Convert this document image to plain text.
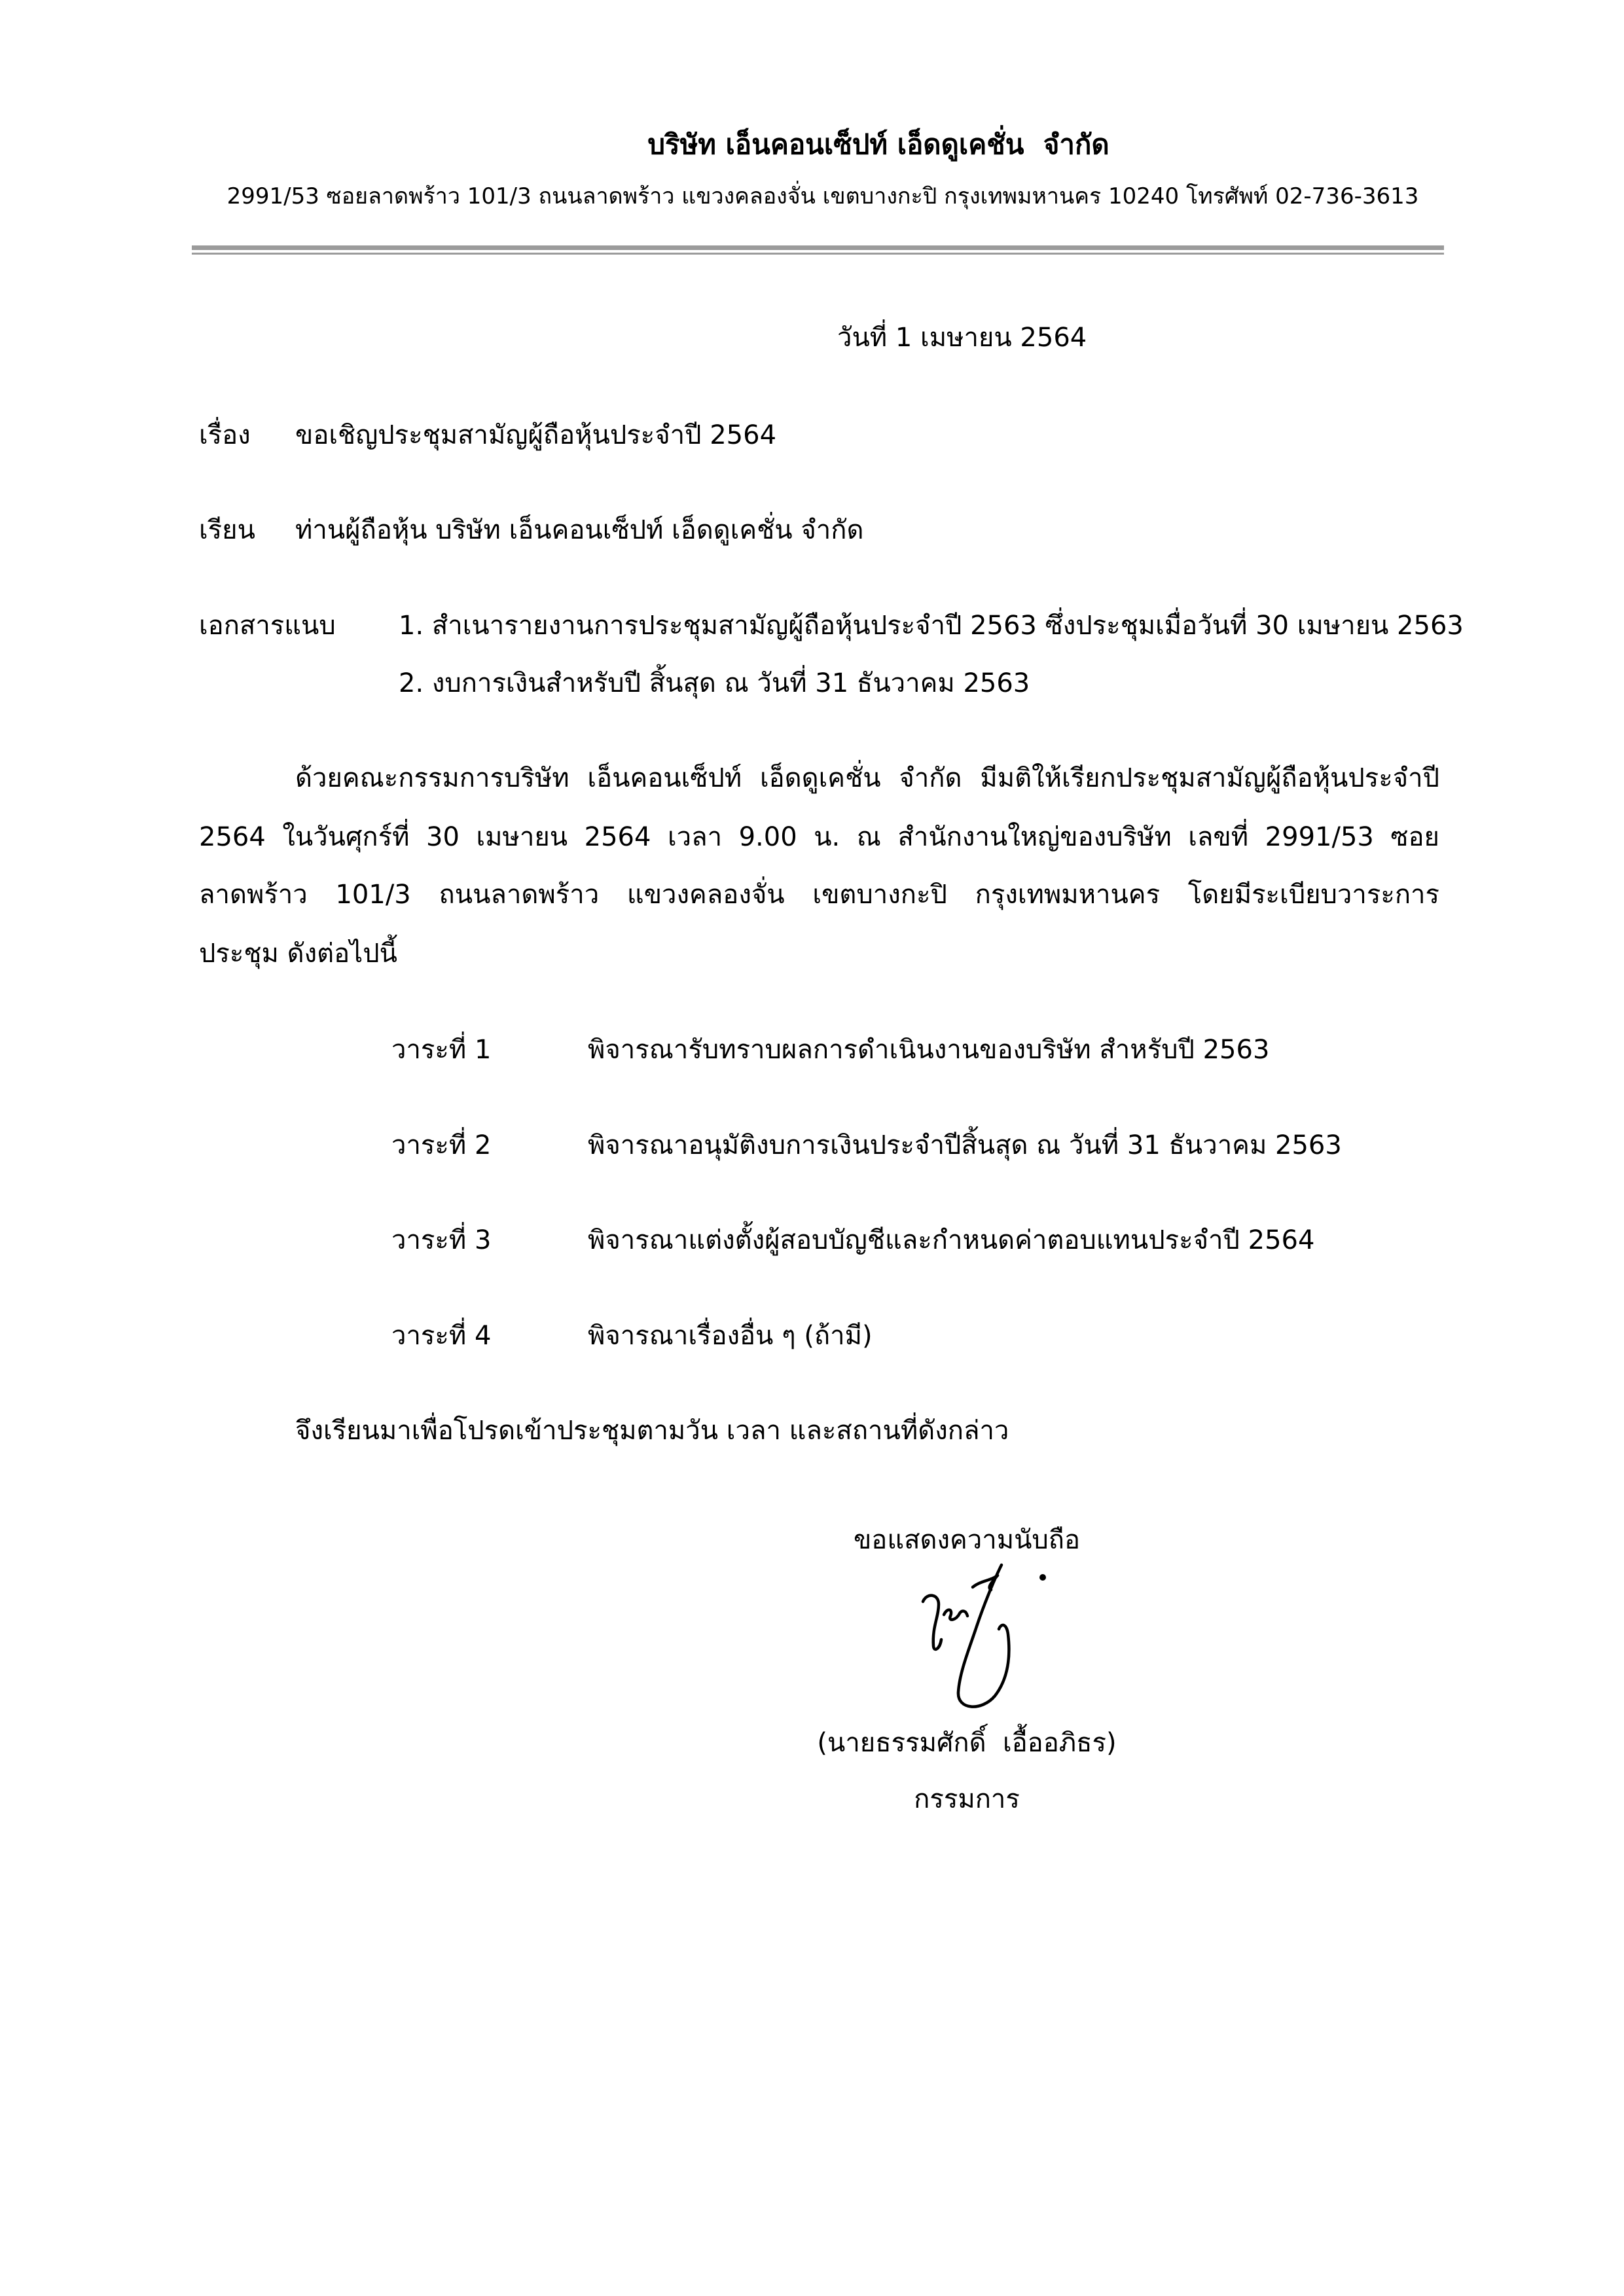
บริษัท เอ็นคอนเซ็ปท์ เอ็ดดูเคชั่น  จำกัด
2991/53 ซอยลาดพร้าว 101/3 ถนนลาดพร้าว แขวงคลองจั่น เขตบางกะปิ กรุงเทพมหานคร 10240 โทรศัพท์ 02-736-3613
วันที่ 1 เมษายน 2564
เรื่อง ขอเชิญประชุมสามัญผู้ถือหุ้นประจำปี 2564
เรียน ท่านผู้ถือหุ้น บริษัท เอ็นคอนเซ็ปท์ เอ็ดดูเคชั่น จำกัด
เอกสารแนบ 1. สำเนารายงานการประชุมสามัญผู้ถือหุ้นประจำปี 2563 ซึ่งประชุมเมื่อวันที่ 30 เมษายน 2563
2. งบการเงินสำหรับปี สิ้นสุด ณ วันที่ 31 ธันวาคม 2563
ด้วยคณะกรรมการบริษัท เอ็นคอนเซ็ปท์ เอ็ดดูเคชั่น จำกัด มีมติให้เรียกประชุมสามัญผู้ถือหุ้นประจำปี
2564 ในวันศุกร์ที่ 30 เมษายน 2564 เวลา 9.00 น. ณ สำนักงานใหญ่ของบริษัท เลขที่ 2991/53 ซอย
ลาดพร้าว 101/3 ถนนลาดพร้าว แขวงคลองจั่น เขตบางกะปิ กรุงเทพมหานคร โดยมีระเบียบวาระการ
ประชุม ดังต่อไปนี้
วาระที่ 1	พิจารณารับทราบผลการดำเนินงานของบริษัท สำหรับปี 2563
วาระที่ 2	พิจารณาอนุมัติงบการเงินประจำปีสิ้นสุด ณ วันที่ 31 ธันวาคม 2563
วาระที่ 3	พิจารณาแต่งตั้งผู้สอบบัญชีและกำหนดค่าตอบแทนประจำปี 2564
วาระที่ 4	พิจารณาเรื่องอื่น ๆ (ถ้ามี)
จึงเรียนมาเพื่อโปรดเข้าประชุมตามวัน เวลา และสถานที่ดังกล่าว
ขอแสดงความนับถือ
(นายธรรมศักดิ์  เอื้ออภิธร)
กรรมการ
